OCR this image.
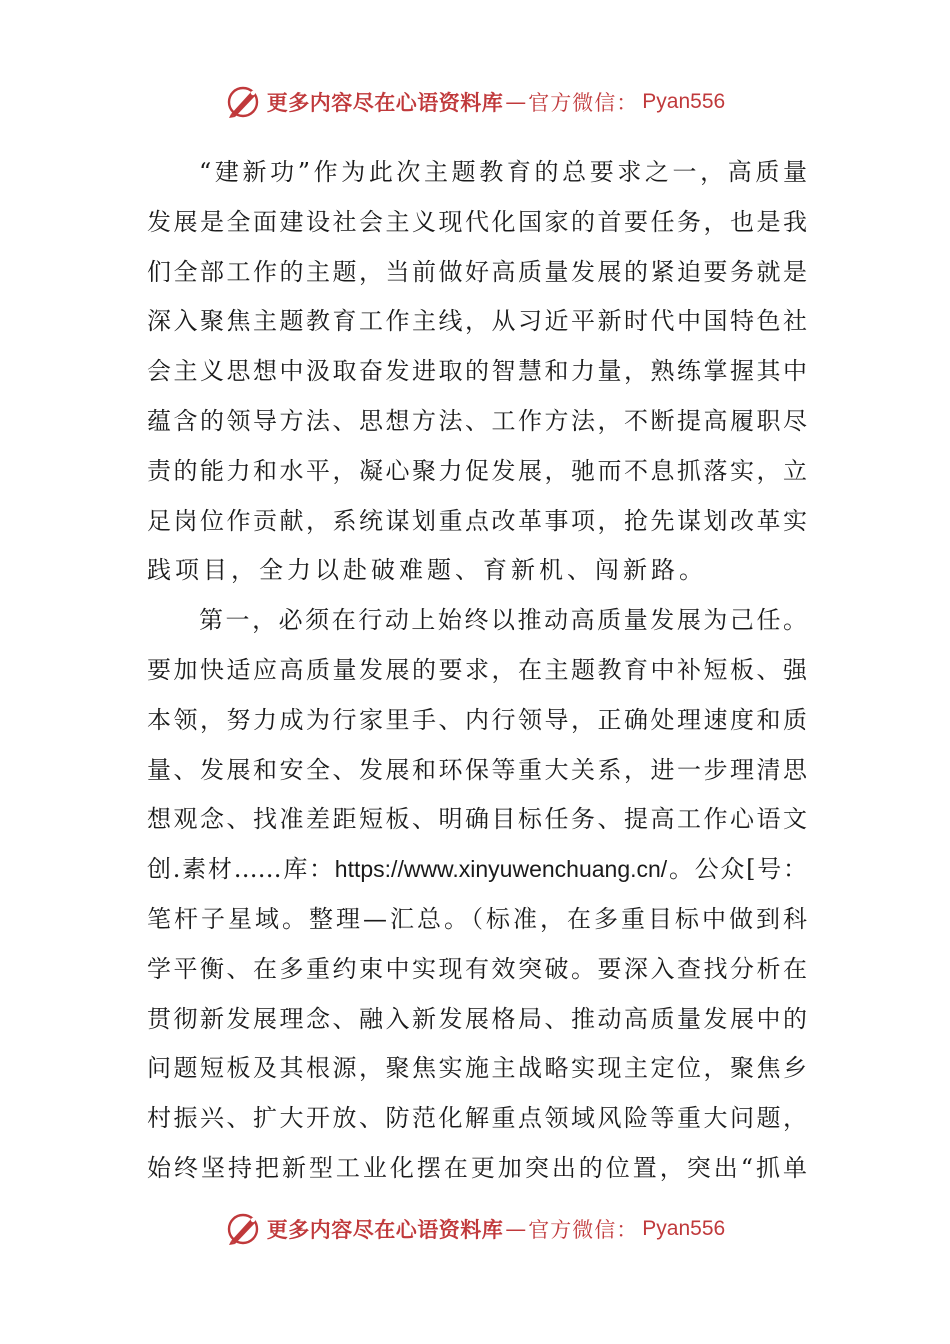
更多内容尽在心语资料库 — 官方微信： Pyan556
“建新功”作为此次主题教育的总要求之一，高质量
发展是全面建设社会主义现代化国家的首要任务，也是我
们全部工作的主题，当前做好高质量发展的紧迫要务就是
深入聚焦主题教育工作主线，从习近平新时代中国特色社
会主义思想中汲取奋发进取的智慧和力量，熟练掌握其中
蕴含的领导方法、思想方法、工作方法，不断提高履职尽
责的能力和水平，凝心聚力促发展，驰而不息抓落实，立
足岗位作贡献，系统谋划重点改革事项，抢先谋划改革实
践项目，全力以赴破难题、育新机、闯新路。
第一，必须在行动上始终以推动高质量发展为己任。
要加快适应高质量发展的要求，在主题教育中补短板、强
本领，努力成为行家里手、内行领导，正确处理速度和质
量、发展和安全、发展和环保等重大关系，进一步理清思
想观念、找准差距短板、明确目标任务、提高工作心语文
创.素材……库：https://www.xinyuwenchuang.cn/。公众[号：
笔杆子星域。整理—汇总。（标准，在多重目标中做到科
学平衡、在多重约束中实现有效突破。要深入查找分析在
贯彻新发展理念、融入新发展格局、推动高质量发展中的
问题短板及其根源，聚焦实施主战略实现主定位，聚焦乡
村振兴、扩大开放、防范化解重点领域风险等重大问题，
始终坚持把新型工业化摆在更加突出的位置，突出“抓单
更多内容尽在心语资料库 — 官方微信： Pyan556
